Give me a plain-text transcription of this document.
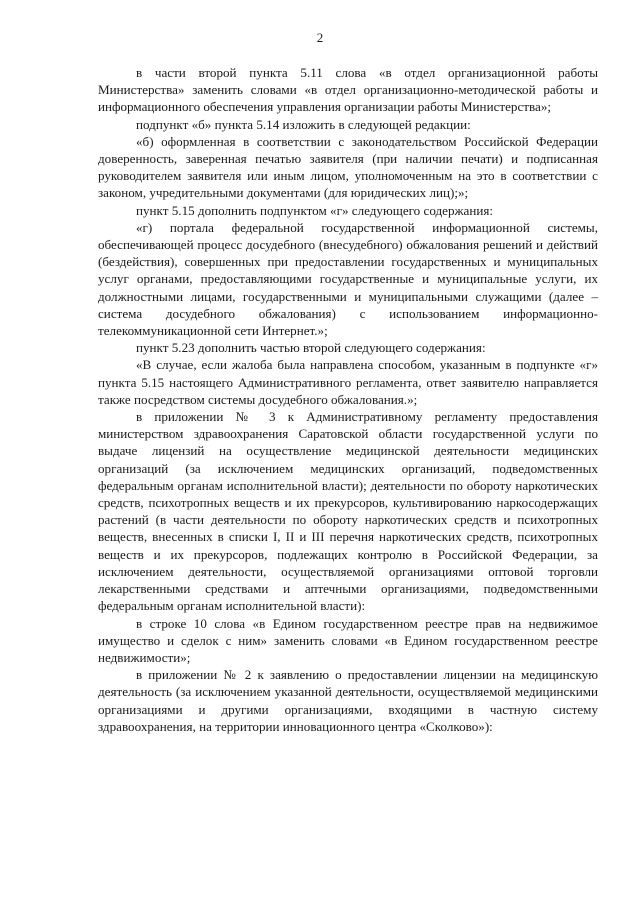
2

в части второй пункта 5.11 слова «в отдел организационной работы Министерства» заменить словами «в отдел организационно-методической работы и информационного обеспечения управления организации работы Министерства»;

подпункт «б» пункта 5.14 изложить в следующей редакции:

«б) оформленная в соответствии с законодательством Российской Федерации доверенность, заверенная печатью заявителя (при наличии печати) и подписанная руководителем заявителя или иным лицом, уполномоченным на это в соответствии с законом, учредительными документами (для юридических лиц);»;

пункт 5.15 дополнить подпунктом «г» следующего содержания:

«г) портала федеральной государственной информационной системы, обеспечивающей процесс досудебного (внесудебного) обжалования решений и действий (бездействия), совершенных при предоставлении государственных и муниципальных услуг органами, предоставляющими государственные и муниципальные услуги, их должностными лицами, государственными и муниципальными служащими (далее – система досудебного обжалования) с использованием информационно-телекоммуникационной сети Интернет.»;

пункт 5.23 дополнить частью второй следующего содержания:

«В случае, если жалоба была направлена способом, указанным в подпункте «г» пункта 5.15 настоящего Административного регламента, ответ заявителю направляется также посредством системы досудебного обжалования.»;

в приложении № 3 к Административному регламенту предоставления министерством здравоохранения Саратовской области государственной услуги по выдаче лицензий на осуществление медицинской деятельности медицинских организаций (за исключением медицинских организаций, подведомственных федеральным органам исполнительной власти); деятельности по обороту наркотических средств, психотропных веществ и их прекурсоров, культивированию наркосодержащих растений (в части деятельности по обороту наркотических средств и психотропных веществ, внесенных в списки I, II и III перечня наркотических средств, психотропных веществ и их прекурсоров, подлежащих контролю в Российской Федерации, за исключением деятельности, осуществляемой организациями оптовой торговли лекарственными средствами и аптечными организациями, подведомственными федеральным органам исполнительной власти):

в строке 10 слова «в Едином государственном реестре прав на недвижимое имущество и сделок с ним» заменить словами «в Едином государственном реестре недвижимости»;

в приложении № 2 к заявлению о предоставлении лицензии на медицинскую деятельность (за исключением указанной деятельности, осуществляемой медицинскими организациями и другими организациями, входящими в частную систему здравоохранения, на территории инновационного центра «Сколково»):
